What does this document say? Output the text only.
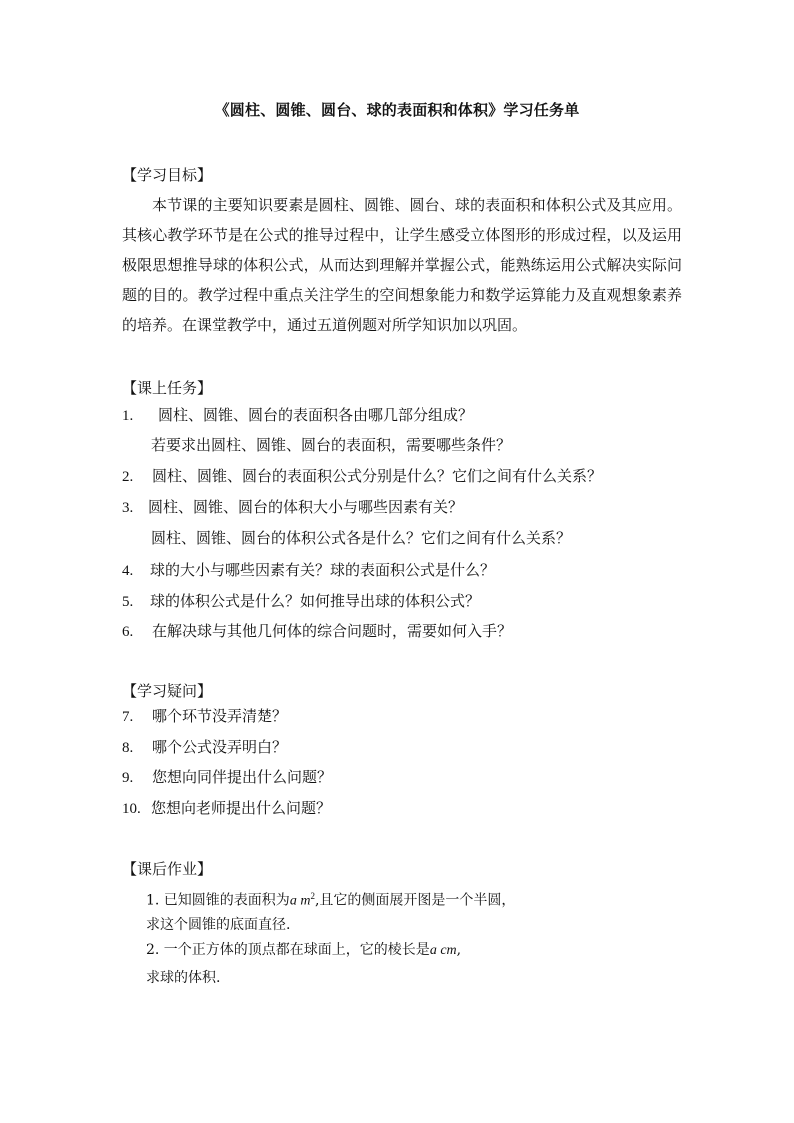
《圆柱、圆锥、圆台、球的表面积和体积》学习任务单
【学习目标】
本节课的主要知识要素是圆柱、圆锥、圆台、球的表面积和体积公式及其应用。其核心教学环节是在公式的推导过程中，让学生感受立体图形的形成过程，以及运用极限思想推导球的体积公式，从而达到理解并掌握公式，能熟练运用公式解决实际问题的目的。教学过程中重点关注学生的空间想象能力和数学运算能力及直观想象素养的培养。在课堂教学中，通过五道例题对所学知识加以巩固。
【课上任务】
1. 圆柱、圆锥、圆台的表面积各由哪几部分组成？
若要求出圆柱、圆锥、圆台的表面积，需要哪些条件？
2. 圆柱、圆锥、圆台的表面积公式分别是什么？它们之间有什么关系？
3. 圆柱、圆锥、圆台的体积大小与哪些因素有关？
圆柱、圆锥、圆台的体积公式各是什么？它们之间有什么关系？
4. 球的大小与哪些因素有关？球的表面积公式是什么？
5. 球的体积公式是什么？如何推导出球的体积公式？
6. 在解决球与其他几何体的综合问题时，需要如何入手？
【学习疑问】
7. 哪个环节没弄清楚？
8. 哪个公式没弄明白？
9. 您想向同伴提出什么问题？
10. 您想向老师提出什么问题？
【课后作业】
1. 已知圆锥的表面积为a $m^2$,且它的侧面展开图是一个半圆，
求这个圆锥的底面直径.
2. 一个正方体的顶点都在球面上，它的棱长是a cm,
求球的体积.
